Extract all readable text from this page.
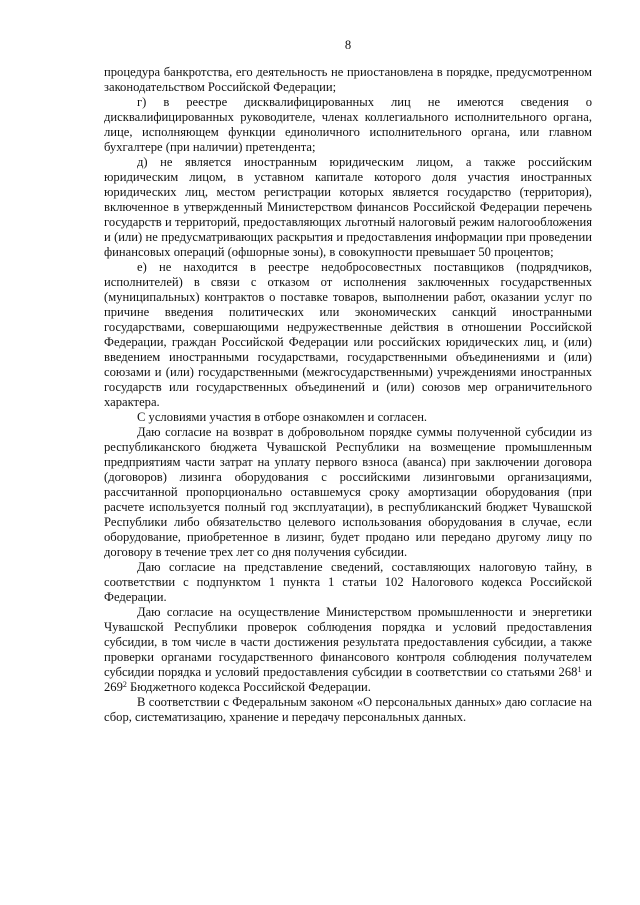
8

процедура банкротства, его деятельность не приостановлена в порядке, предусмотренном законодательством Российской Федерации;

г) в реестре дисквалифицированных лиц не имеются сведения о дисквалифицированных руководителе, членах коллегиального исполнительного органа, лице, исполняющем функции единоличного исполнительного органа, или главном бухгалтере (при наличии) претендента;

д) не является иностранным юридическим лицом, а также российским юридическим лицом, в уставном капитале которого доля участия иностранных юридических лиц, местом регистрации которых является государство (территория), включенное в утвержденный Министерством финансов Российской Федерации перечень государств и территорий, предоставляющих льготный налоговый режим налогообложения и (или) не предусматривающих раскрытия и предоставления информации при проведении финансовых операций (офшорные зоны), в совокупности превышает 50 процентов;

е) не находится в реестре недобросовестных поставщиков (подрядчиков, исполнителей) в связи с отказом от исполнения заключенных государственных (муниципальных) контрактов о поставке товаров, выполнении работ, оказании услуг по причине введения политических или экономических санкций иностранными государствами, совершающими недружественные действия в отношении Российской Федерации, граждан Российской Федерации или российских юридических лиц, и (или) введением иностранными государствами, государственными объединениями и (или) союзами и (или) государственными (межгосударственными) учреждениями иностранных государств или государственных объединений и (или) союзов мер ограничительного характера.

С условиями участия в отборе ознакомлен и согласен.

Даю согласие на возврат в добровольном порядке суммы полученной субсидии из республиканского бюджета Чувашской Республики на возмещение промышленным предприятиям части затрат на уплату первого взноса (аванса) при заключении договора (договоров) лизинга оборудования с российскими лизинговыми организациями, рассчитанной пропорционально оставшемуся сроку амортизации оборудования (при расчете используется полный год эксплуатации), в республиканский бюджет Чувашской Республики либо обязательство целевого использования оборудования в случае, если оборудование, приобретенное в лизинг, будет продано или передано другому лицу по договору в течение трех лет со дня получения субсидии.

Даю согласие на представление сведений, составляющих налоговую тайну, в соответствии с подпунктом 1 пункта 1 статьи 102 Налогового кодекса Российской Федерации.

Даю согласие на осуществление Министерством промышленности и энергетики Чувашской Республики проверок соблюдения порядка и условий предоставления субсидии, в том числе в части достижения результата предоставления субсидии, а также проверки органами государственного финансового контроля соблюдения получателем субсидии порядка и условий предоставления субсидии в соответствии со статьями $268^1$ и $269^2$ Бюджетного кодекса Российской Федерации.

В соответствии с Федеральным законом «О персональных данных» даю согласие на сбор, систематизацию, хранение и передачу персональных данных.
